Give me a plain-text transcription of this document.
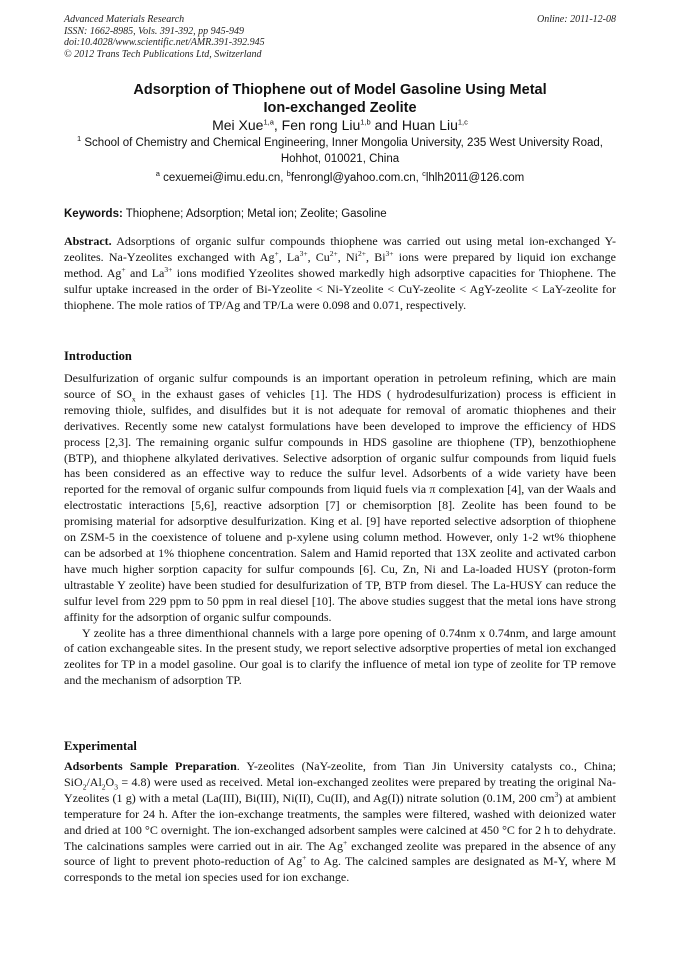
Advanced Materials Research
ISSN: 1662-8985, Vols. 391-392, pp 945-949
doi:10.4028/www.scientific.net/AMR.391-392.945
© 2012 Trans Tech Publications Ltd, Switzerland
Online: 2011-12-08
Adsorption of Thiophene out of Model Gasoline Using Metal
Ion-exchanged Zeolite
Mei Xue$^{1,a}$, Fen rong Liu$^{1,b}$ and Huan Liu$^{1,c}$
$^1$ School of Chemistry and Chemical Engineering, Inner Mongolia University, 235 West University Road, Hohhot, 010021, China
$^a$ cexuemei@imu.edu.cn, $^b$fenrongl@yahoo.com.cn, $^c$lhlh2011@126.com
Keywords: Thiophene; Adsorption; Metal ion; Zeolite; Gasoline

Abstract. Adsorptions of organic sulfur compounds thiophene was carried out using metal ion-exchanged Y-zeolites. Na-Yzeolites exchanged with Ag+, $La^{3+}$, $Cu^{2+}$, $Ni^{2+}$, $Bi^{3+}$ ions were prepared by liquid ion exchange method. Ag+ and $La^{3+}$ ions modified Yzeolites showed markedly high adsorptive capacities for Thiophene. The sulfur uptake increased in the order of Bi-Yzeolite < Ni-Yzeolite < CuY-zeolite < AgY-zeolite < LaY-zeolite for thiophene. The mole ratios of TP/Ag and TP/La were 0.098 and 0.071, respectively.

Introduction

Desulfurization of organic sulfur compounds is an important operation in petroleum refining, which are main source of $SO_x$ in the exhaust gases of vehicles [1]. The HDS ( hydrodesulfurization) process is efficient in removing thiole, sulfides, and disulfides but it is not adequate for removal of aromatic thiophenes and their derivatives. Recently some new catalyst formulations have been developed to improve the efficiency of HDS process [2,3]. The remaining organic sulfur compounds in HDS gasoline are thiophene (TP), benzothiophene (BTP), and thiophene alkylated derivatives. Selective adsorption of organic sulfur compounds from liquid fuels has been considered as an effective way to reduce the sulfur level. Adsorbents of a wide variety have been reported for the removal of organic sulfur compounds from liquid fuels via π complexation [4], van der Waals and electrostatic interactions [5,6], reactive adsorption [7] or chemisorption [8]. Zeolite has been found to be promising material for adsorptive desulfurization. King et al. [9] have reported selective adsorption of thiophene on ZSM-5 in the coexistence of toluene and p-xylene using column method. However, only 1-2 wt% thiophene can be adsorbed at 1% thiophene concentration. Salem and Hamid reported that 13X zeolite and activated carbon have much higher sorption capacity for sulfur compounds [6]. Cu, Zn, Ni and La-loaded HUSY (proton-form ultrastable Y zeolite) have been studied for desulfurization of TP, BTP from diesel. The La-HUSY can reduce the sulfur level from 229 ppm to 50 ppm in real diesel [10]. The above studies suggest that the metal ions have strong affinity for the adsorption of organic sulfur compounds.

Y zeolite has a three dimenthional channels with a large pore opening of 0.74nm x 0.74nm, and large amount of cation exchangeable sites. In the present study, we report selective adsorptive properties of metal ion exchanged zeolites for TP in a model gasoline. Our goal is to clarify the influence of metal ion type of zeolite for TP remove and the mechanism of adsorption TP.

Experimental

Adsorbents Sample Preparation. Y-zeolites (NaY-zeolite, from Tian Jin University catalysts co., China; $SiO_2/Al_2O_3 = 4.8$) were used as received. Metal ion-exchanged zeolites were prepared by treating the original Na-Yzeolites (1 g) with a metal (La(III), Bi(III), Ni(II), Cu(II), and Ag(I)) nitrate solution (0.1M, 200 $cm^3$) at ambient temperature for 24 h. After the ion-exchange treatments, the samples were filtered, washed with deionized water and dried at 100 °C overnight. The ion-exchanged adsorbent samples were calcined at 450 °C for 2 h to dehydrate. The calcinations samples were carried out in air. The Ag+ exchanged zeolite was prepared in the absence of any source of light to prevent photo-reduction of Ag+ to Ag. The calcined samples are designated as M-Y, where M corresponds to the metal ion species used for ion exchange.
